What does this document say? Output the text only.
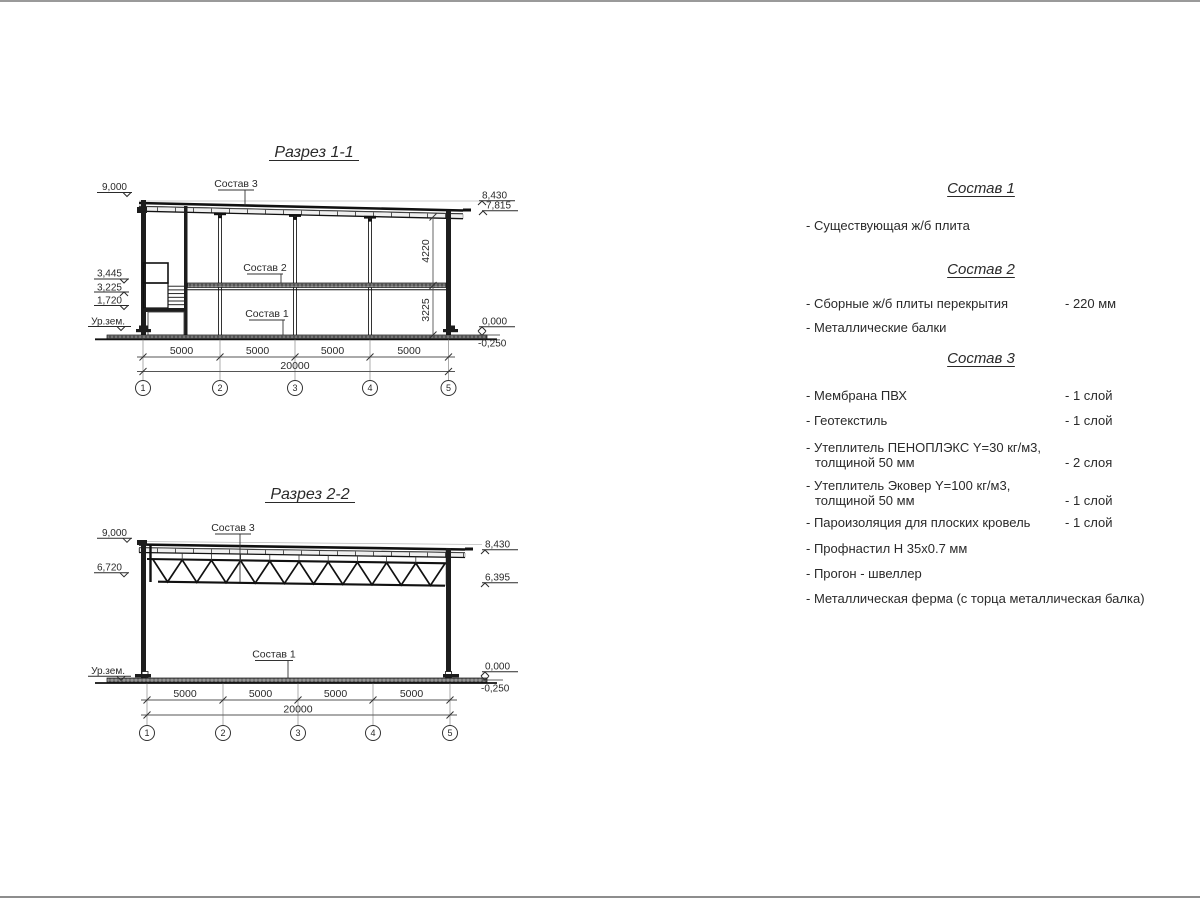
Разрез 1-1
Состав 3
Состав 2
Состав 1
9,000
3,445
3,225
1,720
Ур.зем.
8,430
7,815
0,000
-0,250
4220
3225
5000	5000	5000	5000
20000
1	2	3	4	5
Разрез 2-2
Состав 3
Состав 1
9,000
6,720
Ур.зем.
8,430
6,395
0,000
-0,250
5000	5000	5000	5000
20000
1	2	3	4	5
Состав 1
- Существующая ж/б плита
Состав 2
- Сборные ж/б плиты перекрытия	- 220 мм
- Металлические балки
Состав 3
- Мембрана ПВХ	- 1 слой
- Геотекстиль	- 1 слой
- Утеплитель ПЕНОПЛЭКС Y=30 кг/м3,
толщиной 50 мм	- 2 слоя
- Утеплитель Эковер Y=100 кг/м3,
толщиной 50 мм	- 1 слой
- Пароизоляция для плоских кровель	- 1 слой
- Профнастил Н 35х0.7 мм
- Прогон - швеллер
- Металлическая ферма (с торца металлическая балка)
